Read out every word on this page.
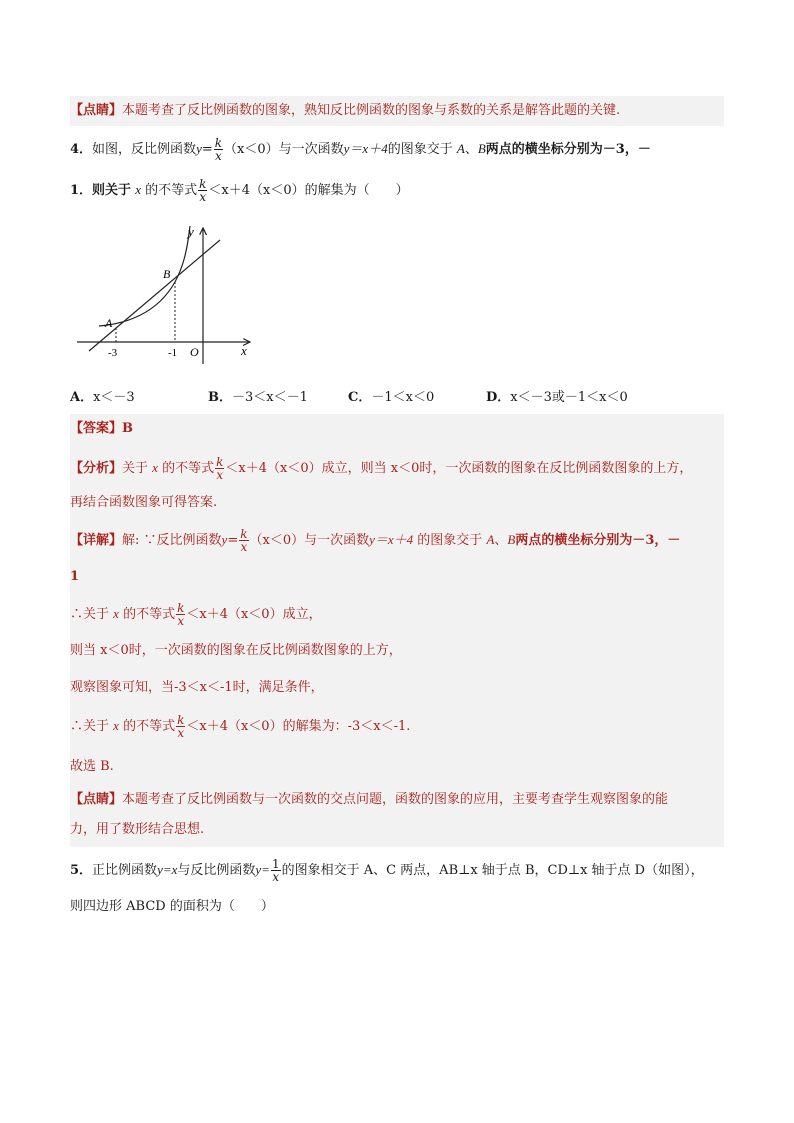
【点睛】本题考查了反比例函数的图象，熟知反比例函数的图象与系数的关系是解答此题的关键.
4．如图，反比例函数$y= \frac{k}{x} (x<0)$与一次函数y＝x＋4的图象交于 A、B两点的横坐标分别为－3，－
1．则关于 x 的不等式 $\frac{k}{x} <x+4(x<0)$的解集为（　　）
y
x
O
A
B
-3	-1
A．x＜－3	B．－3＜x＜－1	C．－1＜x＜0	D．x＜－3或－1＜x＜0
【答案】B
【分析】关于 x 的不等式 $\frac{k}{x} <x+4(x<0)$成立，则当 x＜0时，一次函数的图象在反比例函数图象的上方，
再结合函数图象可得答案.
【详解】解: ∵反比例函数$y= \frac{k}{x} (x<0)$与一次函数y＝x＋4 的图象交于 A、B两点的横坐标分别为－3，－
1
∴关于 x 的不等式 $\frac{k}{x} <x+4(x<0)$成立，
则当 x＜0时，一次函数的图象在反比例函数图象的上方，
观察图象可知，当-3＜x＜-1时，满足条件，
∴关于 x 的不等式 $\frac{k}{x} <x+4(x<0)$的解集为：-3＜x＜-1.
故选 B.
【点睛】本题考查了反比例函数与一次函数的交点问题，函数的图象的应用，主要考查学生观察图象的能
力，用了数形结合思想.
5．正比例函数y=x与反比例函数$y= \frac{1}{x}$ 的图象相交于 A、C 两点，AB⊥x 轴于点 B，CD⊥x 轴于点 D（如图），
则四边形 ABCD 的面积为（　　）
